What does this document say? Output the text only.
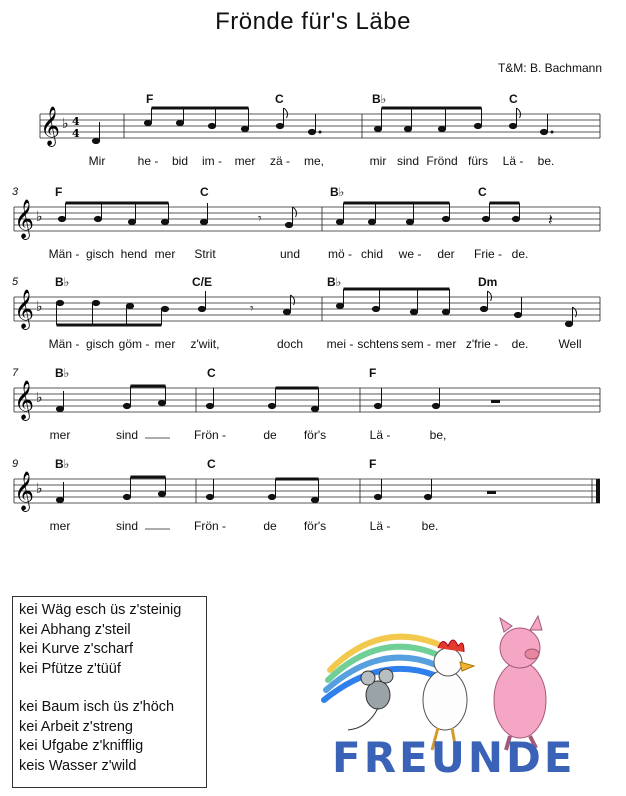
Frönde für's Läbe
T&M: B. Bachmann
𝄞 ♭ 4
4
F	C	B♭	C
Mir	he - bid im - mer zä - me,	mir sind Frönd fürs Lä - be.
𝄞 ♭	𝄾	𝄽
3	F	C	B♭	C
Män - gisch hend mer Strit	und mö - chid we - der Frie - de.
𝄞 ♭	𝄾
5	B♭	C/E	B♭	Dm
Män - gisch göm - mer z'wiit,	doch mei - schtens sem - mer z'frie - de.	Well
𝄞 ♭
7	B♭	C	F
mer	sind	Frön -	de för's	Lä -	be,
𝄞 ♭
9	B♭	C	F
mer	sind	Frön -	de för's	Lä -	be.
kei Wäg esch üs z'steinig
kei Abhang z'steil
kei Kurve z'scharf
kei Pfütze z'tüüf
kei Baum isch üs z'höch
kei Arbeit z'streng
kei Ufgabe z'knifflig
keis Wasser z'wild	FREUNDE
